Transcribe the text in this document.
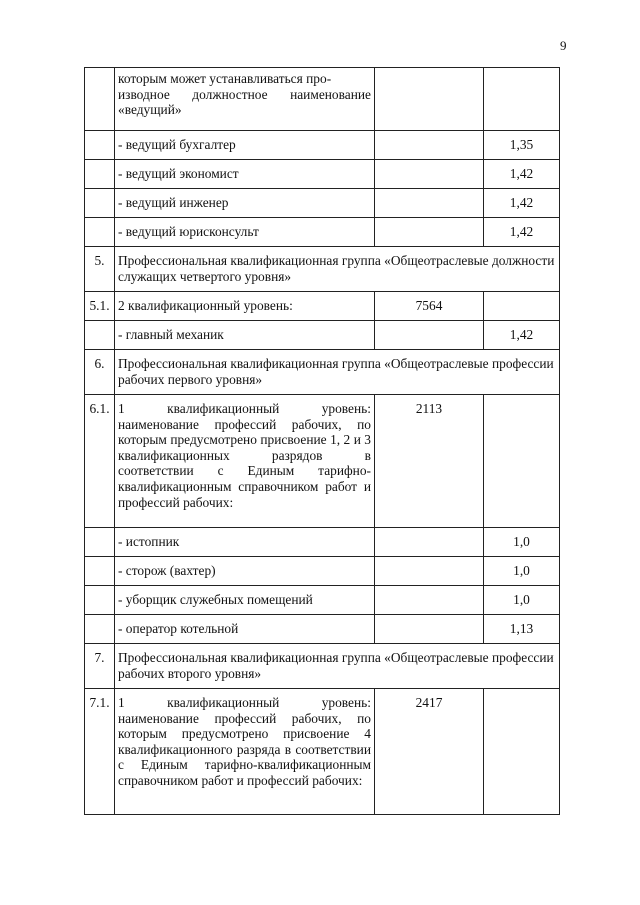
9
	которым может устанавливаться про-
изводное должностное наименование «ведущий»		
	- ведущий бухгалтер		1,35
	- ведущий экономист		1,42
	- ведущий инженер		1,42
	- ведущий юрисконсульт		1,42
5.	Профессиональная квалификационная группа «Общеотраслевые должности служащих четвертого уровня»		
5.1.	2 квалификационный уровень:	7564	
	- главный механик		1,42
6.	Профессиональная квалификационная группа «Общеотраслевые профессии рабочих первого уровня»		
6.1.	1 квалификационный уровень: наименование профессий рабочих, по которым предусмотрено присвоение 1, 2 и 3 квалификационных разрядов в соответствии с Единым тарифно-квалификационным справочником работ и профессий рабочих:	2113	
	- истопник		1,0
	- сторож (вахтер)		1,0
	- уборщик служебных помещений		1,0
	- оператор котельной		1,13
7.	Профессиональная квалификационная группа «Общеотраслевые профессии рабочих второго уровня»		
7.1.	1 квалификационный уровень: наименование профессий рабочих, по которым предусмотрено присвоение 4 квалификационного разряда в соответствии с Единым тарифно-квалификационным справочником работ и профессий рабочих:	2417	
